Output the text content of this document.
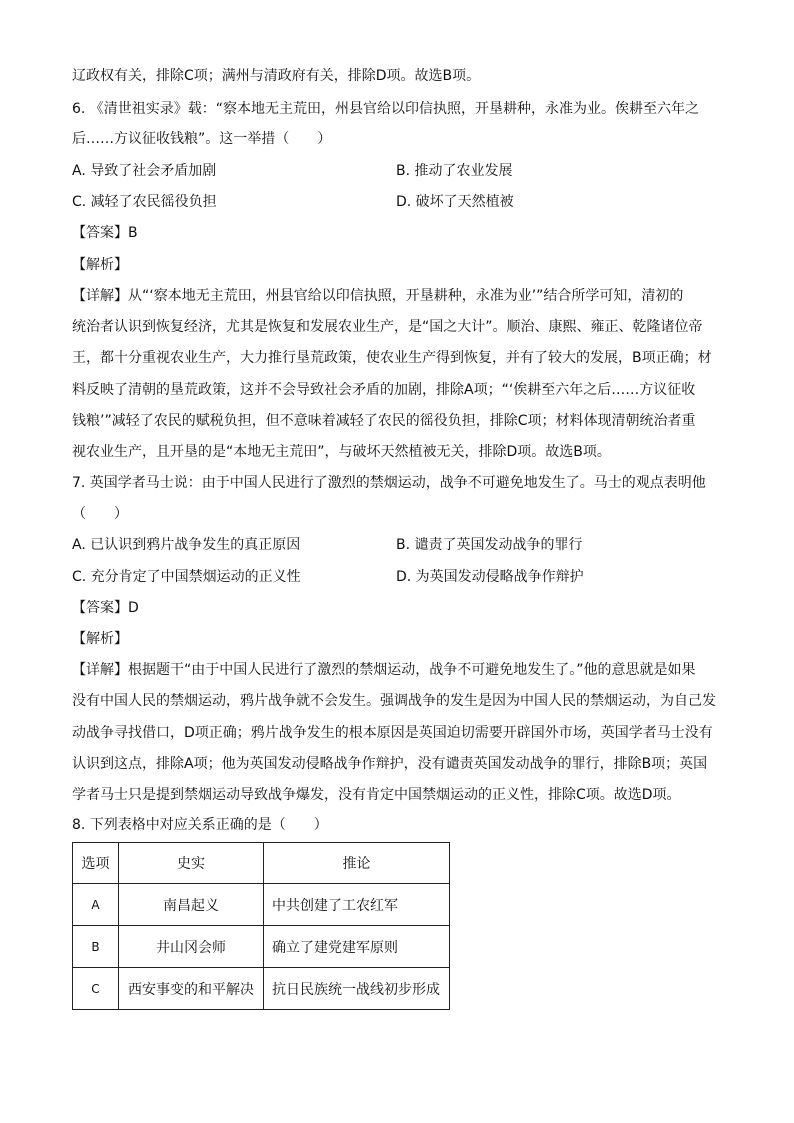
辽政权有关，排除C项；满州与清政府有关，排除D项。故选B项。
6. 《清世祖实录》载：“察本地无主荒田，州县官给以印信执照，开垦耕种，永准为业。俟耕至六年之
后……方议征收钱粮”。这一举措（　　）
A. 导致了社会矛盾加剧	B. 推动了农业发展
C. 减轻了农民徭役负担	D. 破坏了天然植被
【答案】B
【解析】
【详解】从“‘察本地无主荒田，州县官给以印信执照，开垦耕种，永准为业’”结合所学可知，清初的
统治者认识到恢复经济，尤其是恢复和发展农业生产，是“国之大计”。顺治、康熙、雍正、乾隆诸位帝
王，都十分重视农业生产，大力推行垦荒政策，使农业生产得到恢复，并有了较大的发展，B项正确；材
料反映了清朝的垦荒政策，这并不会导致社会矛盾的加剧，排除A项；“‘俟耕至六年之后……方议征收
钱粮’”减轻了农民的赋税负担，但不意味着减轻了农民的徭役负担，排除C项；材料体现清朝统治者重
视农业生产，且开垦的是“本地无主荒田”，与破坏天然植被无关，排除D项。故选B项。
7. 英国学者马士说：由于中国人民进行了激烈的禁烟运动，战争不可避免地发生了。马士的观点表明他
（　　）
A. 已认识到鸦片战争发生的真正原因	B. 谴责了英国发动战争的罪行
C. 充分肯定了中国禁烟运动的正义性	D. 为英国发动侵略战争作辩护
【答案】D
【解析】
【详解】根据题干“由于中国人民进行了激烈的禁烟运动，战争不可避免地发生了。”他的意思就是如果
没有中国人民的禁烟运动，鸦片战争就不会发生。强调战争的发生是因为中国人民的禁烟运动，为自己发
动战争寻找借口，D项正确；鸦片战争发生的根本原因是英国迫切需要开辟国外市场，英国学者马士没有
认识到这点，排除A项；他为英国发动侵略战争作辩护，没有谴责英国发动战争的罪行，排除B项；英国
学者马士只是提到禁烟运动导致战争爆发，没有肯定中国禁烟运动的正义性，排除C项。故选D项。
8. 下列表格中对应关系正确的是（　　）
选项	史实	推论
A	南昌起义	中共创建了工农红军
B	井山冈会师	确立了建党建军原则
C	西安事变的和平解决	抗日民族统一战线初步形成
